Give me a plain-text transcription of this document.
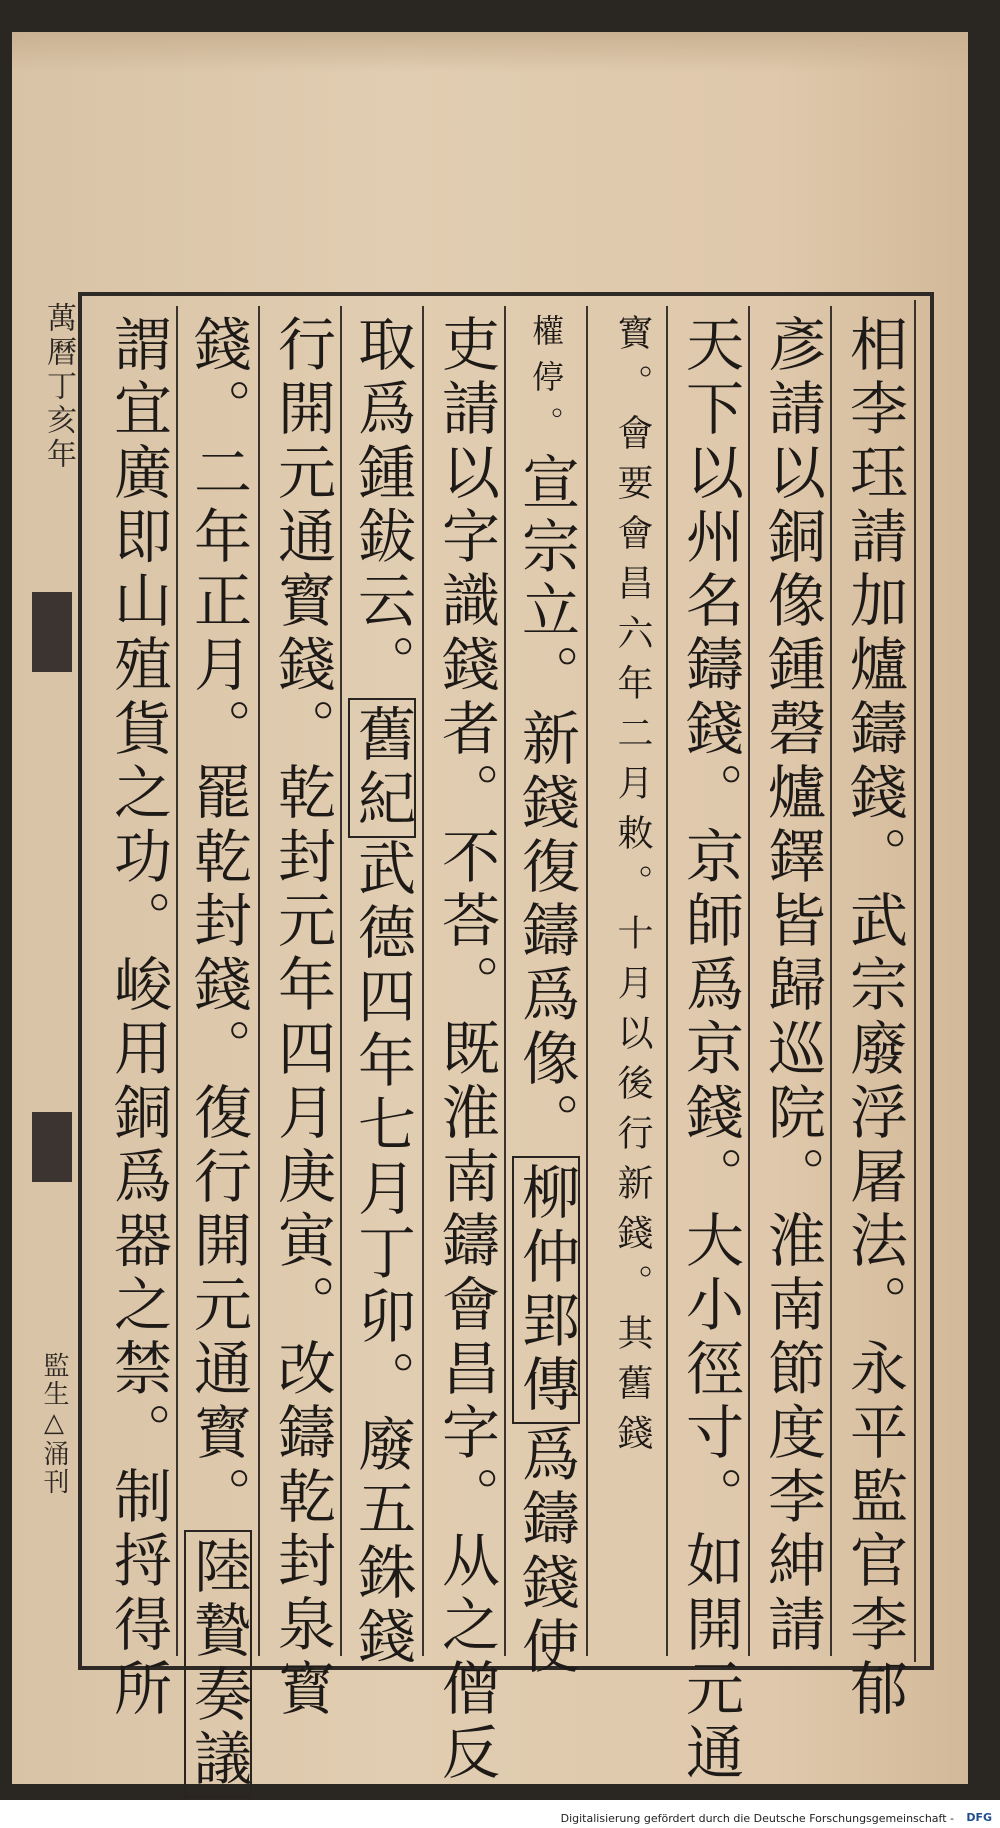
萬曆丁亥年
監生△涌刊	相李珏請加爐鑄錢。武宗廢浮屠法。永平監官李郁
彥請以銅像鍾磬爐鐸皆歸巡院。淮南節度李紳請
天下以州名鑄錢。京師爲京錢。大小徑寸。如開元通
寳。會要會昌六年二月敕。十月以後行新錢。其舊錢
權停。宣宗立。新錢復鑄爲像。柳仲郢傳爲鑄錢使
吏請以字識錢者。不荅。既淮南鑄會昌字。从之僧反
取爲鍾鈸云。舊紀武德四年七月丁卯。廢五銖錢
行開元通寳錢。乾封元年四月庚寅。改鑄乾封泉寳
錢。二年正月。罷乾封錢。復行開元通寳。陸贄奏議
謂宜廣即山殖貨之功。峻用銅爲器之禁。制捋得所
Digitalisierung gefördert durch die Deutsche Forschungsgemeinschaft - DFG
